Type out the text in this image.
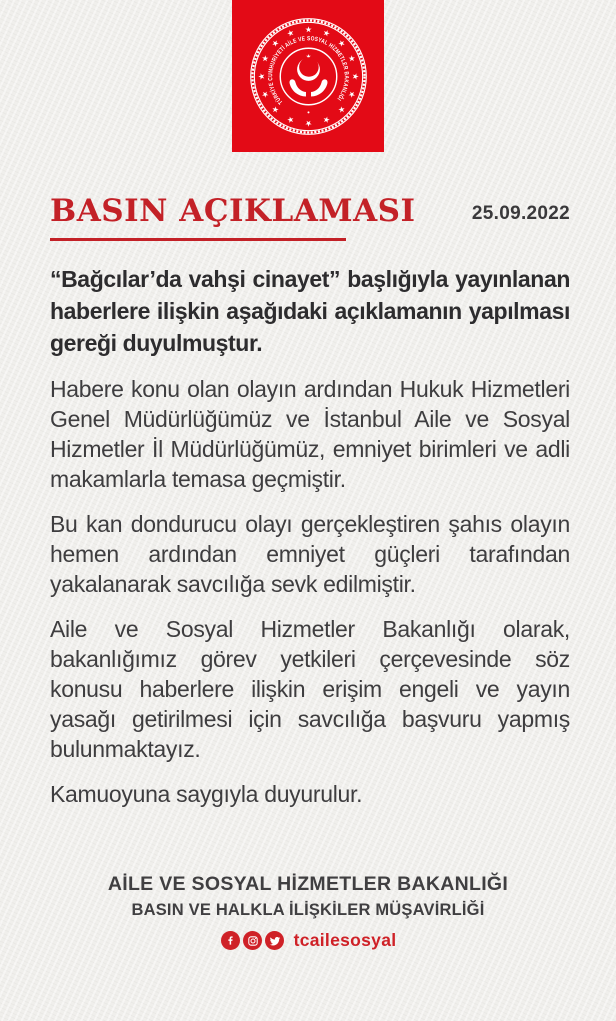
TÜRKİYE CUMHURİYETİ AİLE VE SOSYAL HİZMETLER BAKANLIĞI
BASIN AÇIKLAMASI	25.09.2022

“Bağcılar’da vahşi cinayet” başlığıyla yayınlanan haberlere ilişkin aşağıdaki açıklamanın yapılması gereği duyulmuştur.

Habere konu olan olayın ardından Hukuk Hizmetleri Genel Müdürlüğümüz ve İstanbul Aile ve Sosyal Hizmetler İl Müdürlüğümüz, emniyet birimleri ve adli makamlarla temasa geçmiştir.

Bu kan dondurucu olayı gerçekleştiren şahıs olayın hemen ardından emniyet güçleri tarafından yakalanarak savcılığa sevk edilmiştir.

Aile ve Sosyal Hizmetler Bakanlığı olarak, bakanlığımız görev yetkileri çerçevesinde söz konusu haberlere ilişkin erişim engeli ve yayın yasağı getirilmesi için savcılığa başvuru yapmış bulunmaktayız.

Kamuoyuna saygıyla duyurulur.

AİLE VE SOSYAL HİZMETLER BAKANLIĞI
BASIN VE HALKLA İLİŞKİLER MÜŞAVİRLİĞİ
tcailesosyal
